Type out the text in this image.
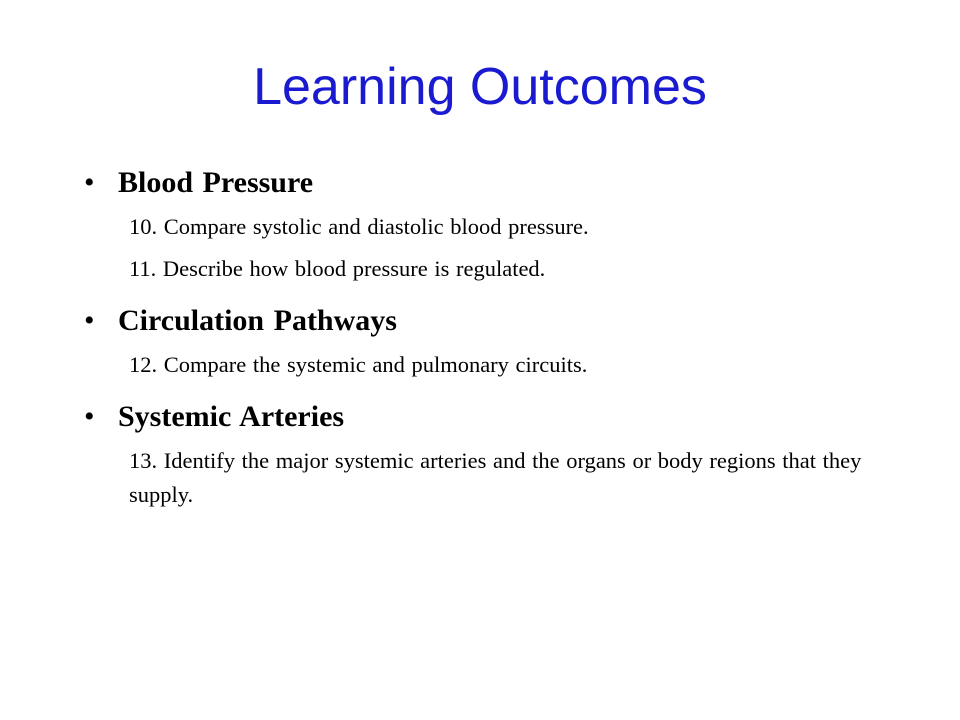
Learning Outcomes
• Blood Pressure
10. Compare systolic and diastolic blood pressure.
11. Describe how blood pressure is regulated.
• Circulation Pathways
12. Compare the systemic and pulmonary circuits.
• Systemic Arteries
13. Identify the major systemic arteries and the organs or body regions that they supply.
